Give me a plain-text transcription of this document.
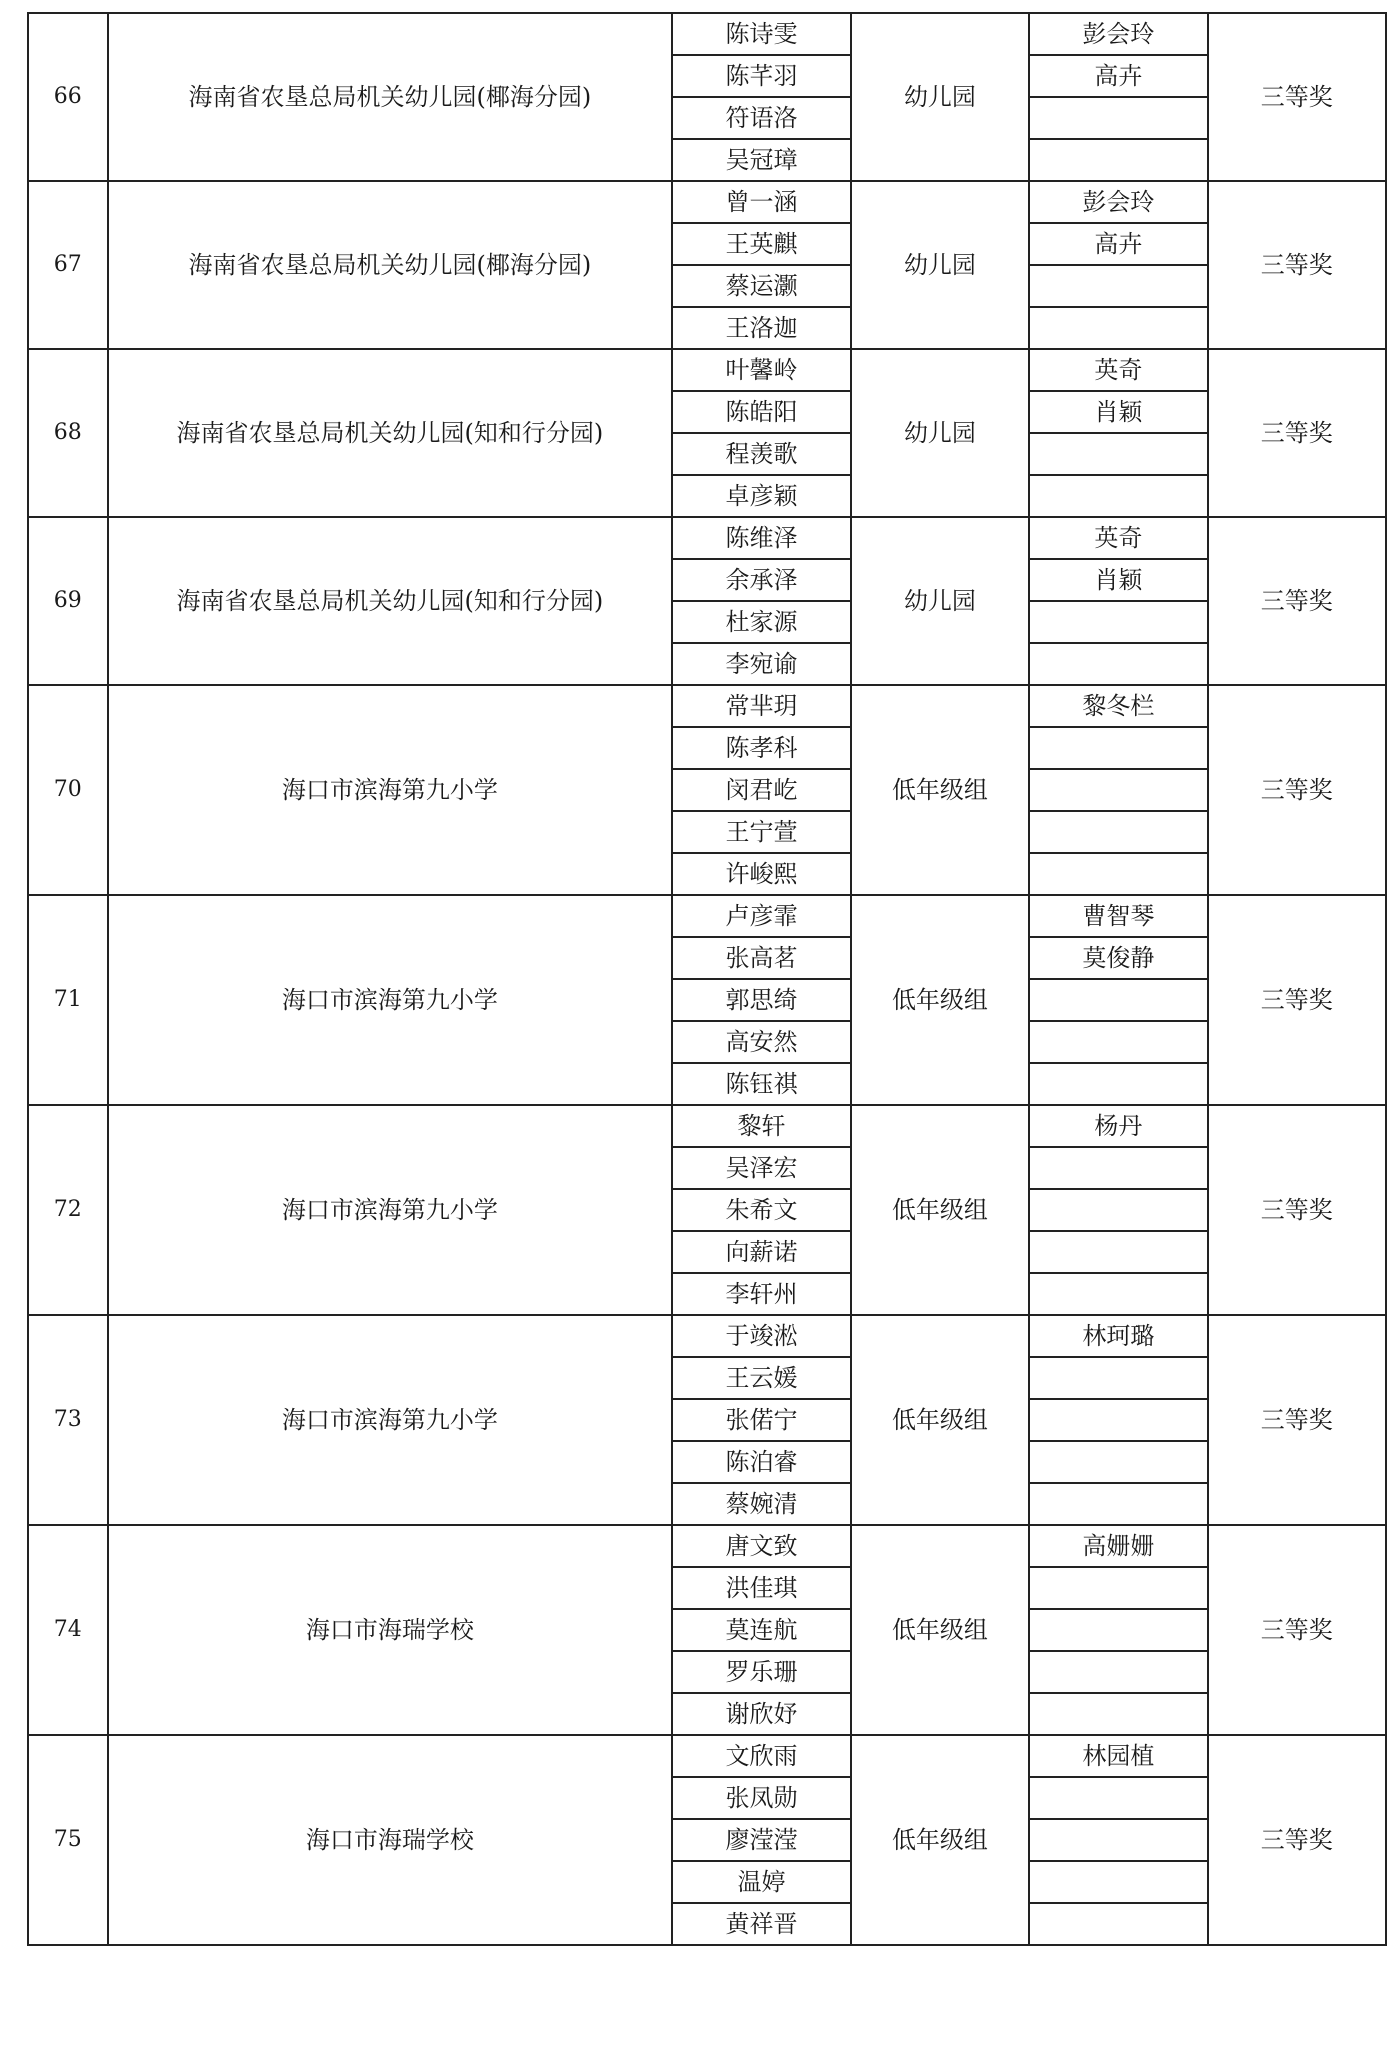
66	海南省农垦总局机关幼儿园(椰海分园)	陈诗雯	幼儿园	彭会玲	三等奖
		陈芊羽		高卉	
		符语洛			
		吴冠璋			
67	海南省农垦总局机关幼儿园(椰海分园)	曾一涵	幼儿园	彭会玲	三等奖
		王英麒		高卉	
		蔡运灏			
		王洛迦			
68	海南省农垦总局机关幼儿园(知和行分园)	叶馨岭	幼儿园	英奇	三等奖
		陈皓阳		肖颖	
		程羡歌			
		卓彦颖			
69	海南省农垦总局机关幼儿园(知和行分园)	陈维泽	幼儿园	英奇	三等奖
		余承泽		肖颖	
		杜家源			
		李宛谕			
70	海口市滨海第九小学	常芈玥	低年级组	黎冬栏	三等奖
		陈孝科			
		闵君屹			
		王宁萱			
		许峻熙			
71	海口市滨海第九小学	卢彦霏	低年级组	曹智琴	三等奖
		张高茗		莫俊静	
		郭思绮			
		高安然			
		陈钰祺			
72	海口市滨海第九小学	黎轩	低年级组	杨丹	三等奖
		吴泽宏			
		朱希文			
		向薪诺			
		李轩州			
73	海口市滨海第九小学	于竣淞	低年级组	林珂璐	三等奖
		王云媛			
		张偌宁			
		陈泊睿			
		蔡婉清			
74	海口市海瑞学校	唐文致	低年级组	高姗姗	三等奖
		洪佳琪			
		莫连航			
		罗乐珊			
		谢欣妤			
75	海口市海瑞学校	文欣雨	低年级组	林园植	三等奖
		张凤勋			
		廖滢滢			
		温婷			
		黄祥晋			
